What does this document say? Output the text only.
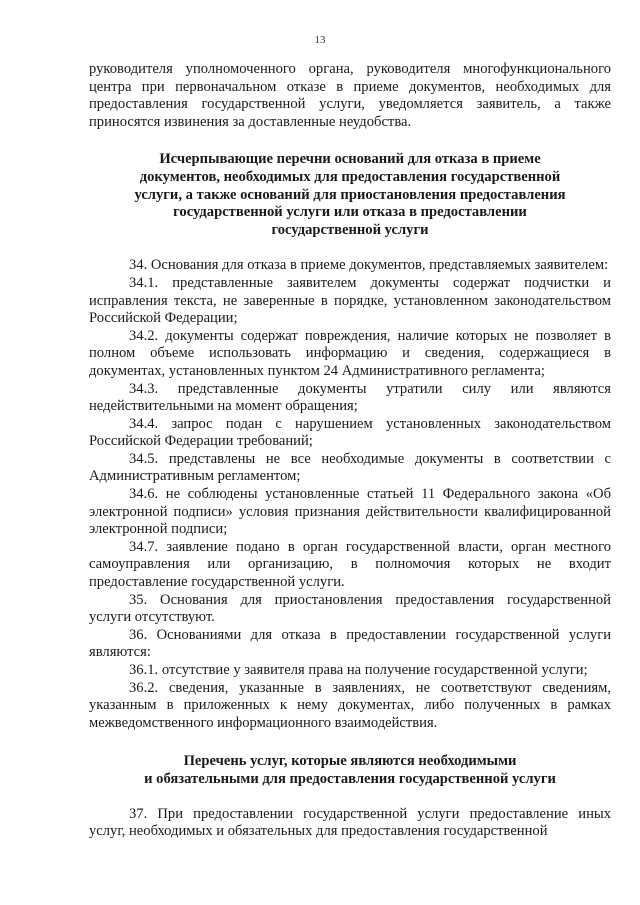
13

руководителя уполномоченного органа, руководителя многофункционального центра при первоначальном отказе в приеме документов, необходимых для предоставления государственной услуги, уведомляется заявитель, а также приносятся извинения за доставленные неудобства.

Исчерпывающие перечни оснований для отказа в приеме
документов, необходимых для предоставления государственной
услуги, а также оснований для приостановления предоставления
государственной услуги или отказа в предоставлении
государственной услуги

34. Основания для отказа в приеме документов, представляемых заявителем:

34.1. представленные заявителем документы содержат подчистки и исправления текста, не заверенные в порядке, установленном законодательством Российской Федерации;

34.2. документы содержат повреждения, наличие которых не позволяет в полном объеме использовать информацию и сведения, содержащиеся в документах, установленных пунктом 24 Административного регламента;

34.3. представленные документы утратили силу или являются недействительными на момент обращения;

34.4. запрос подан с нарушением установленных законодательством Российской Федерации требований;

34.5. представлены не все необходимые документы в соответствии с Административным регламентом;

34.6. не соблюдены установленные статьей 11 Федерального закона «Об электронной подписи» условия признания действительности квалифицированной электронной подписи;

34.7. заявление подано в орган государственной власти, орган местного самоуправления или организацию, в полномочия которых не входит предоставление государственной услуги.

35. Основания для приостановления предоставления государственной услуги отсутствуют.

36. Основаниями для отказа в предоставлении государственной услуги являются:

36.1. отсутствие у заявителя права на получение государственной услуги;

36.2. сведения, указанные в заявлениях, не соответствуют сведениям, указанным в приложенных к нему документах, либо полученных в рамках межведомственного информационного взаимодействия.

Перечень услуг, которые являются необходимыми
и обязательными для предоставления государственной услуги

37. При предоставлении государственной услуги предоставление иных услуг, необходимых и обязательных для предоставления государственной
